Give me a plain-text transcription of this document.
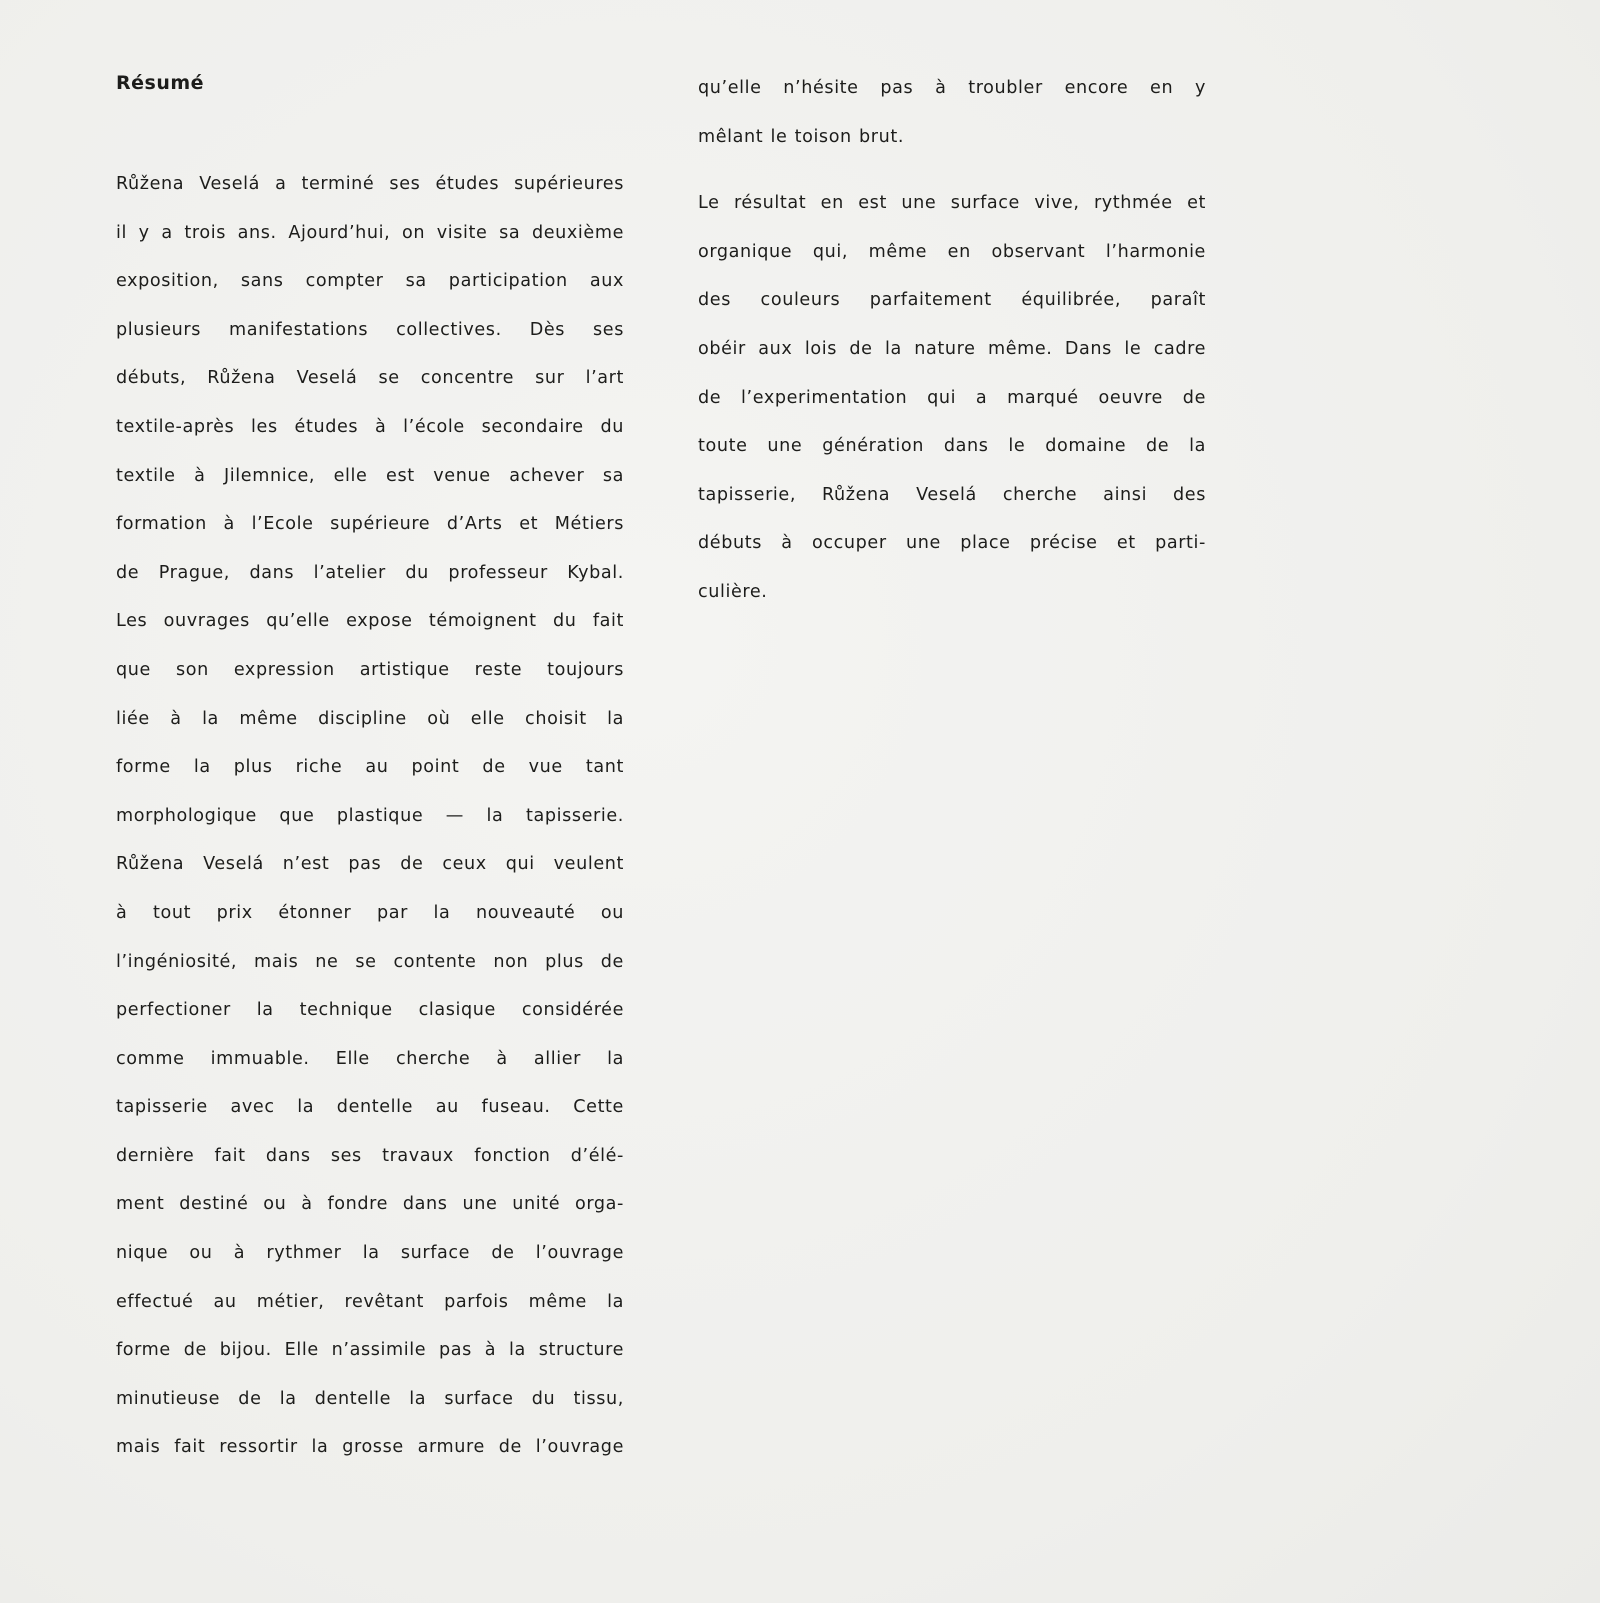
Résumé
Růžena Veselá a terminé ses études supérieures
il y a trois ans. Ajourd’hui, on visite sa deuxième
exposition, sans compter sa participation aux
plusieurs manifestations collectives. Dès ses
débuts, Růžena Veselá se concentre sur l’art
textile-après les études à l’école secondaire du
textile à Jilemnice, elle est venue achever sa
formation à l’Ecole supérieure d’Arts et Métiers
de Prague, dans l’atelier du professeur Kybal.
Les ouvrages qu’elle expose témoignent du fait
que son expression artistique reste toujours
liée à la même discipline où elle choisit la
forme la plus riche au point de vue tant
morphologique que plastique — la tapisserie.
Růžena Veselá n’est pas de ceux qui veulent
à tout prix étonner par la nouveauté ou
l’ingéniosité, mais ne se contente non plus de
perfectioner la technique clasique considérée
comme immuable. Elle cherche à allier la
tapisserie avec la dentelle au fuseau. Cette
dernière fait dans ses travaux fonction d’élé-
ment destiné ou à fondre dans une unité orga-
nique ou à rythmer la surface de l’ouvrage
effectué au métier, revêtant parfois même la
forme de bijou. Elle n’assimile pas à la structure
minutieuse de la dentelle la surface du tissu,
mais fait ressortir la grosse armure de l’ouvrage
qu’elle n’hésite pas à troubler encore en y
mêlant le toison brut.
Le résultat en est une surface vive, rythmée et
organique qui, même en observant l’harmonie
des couleurs parfaitement équilibrée, paraît
obéir aux lois de la nature même. Dans le cadre
de l’experimentation qui a marqué oeuvre de
toute une génération dans le domaine de la
tapisserie, Růžena Veselá cherche ainsi des
débuts à occuper une place précise et parti-
culière.
